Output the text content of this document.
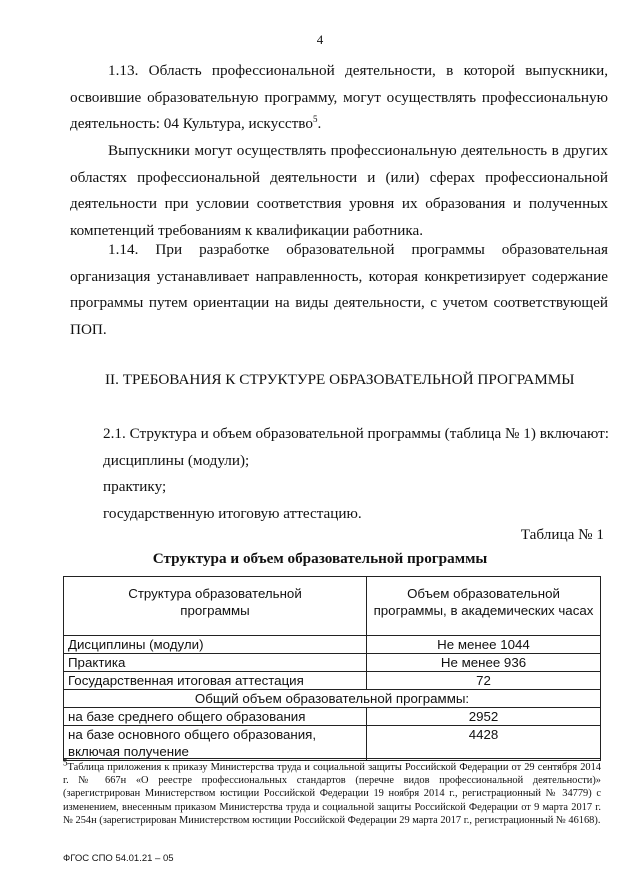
4
1.13. Область профессиональной деятельности, в которой выпускники,
освоившие образовательную программу, могут осуществлять профессиональную
деятельность: 04 Культура, искусство$^5$.
Выпускники могут осуществлять профессиональную деятельность в других
областях профессиональной деятельности и (или) сферах профессиональной
деятельности при условии соответствия уровня их образования и полученных
компетенций требованиям к квалификации работника.
1.14. При разработке образовательной программы образовательная
организация устанавливает направленность, которая конкретизирует содержание
программы путем ориентации на виды деятельности, с учетом соответствующей
ПОП.
II. ТРЕБОВАНИЯ К СТРУКТУРЕ ОБРАЗОВАТЕЛЬНОЙ ПРОГРАММЫ
2.1. Структура и объем образовательной программы (таблица № 1) включают:
дисциплины (модули);
практику;
государственную итоговую аттестацию.
Таблица № 1
Структура и объем образовательной программы
Структура образовательной программы	Объем образовательной программы, в академических часах
Дисциплины (модули)	Не менее 1044
Практика	Не менее 936
Государственная итоговая аттестация	72
Общий объем образовательной программы:	
на базе среднего общего образования	2952
на базе основного общего образования, включая получение	4428
$^5$Таблица приложения к приказу Министерства труда и социальной защиты Российской Федерации от 29 сентября 2014 г. № 667н «О реестре профессиональных стандартов (перечне видов профессиональной деятельности)» (зарегистрирован Министерством юстиции Российской Федерации 19 ноября 2014 г., регистрационный № 34779) с изменением, внесенным приказом Министерства труда и социальной защиты Российской Федерации от 9 марта 2017 г. № 254н (зарегистрирован Министерством юстиции Российской Федерации 29 марта 2017 г., регистрационный № 46168).
ФГОС СПО 54.01.21 – 05
